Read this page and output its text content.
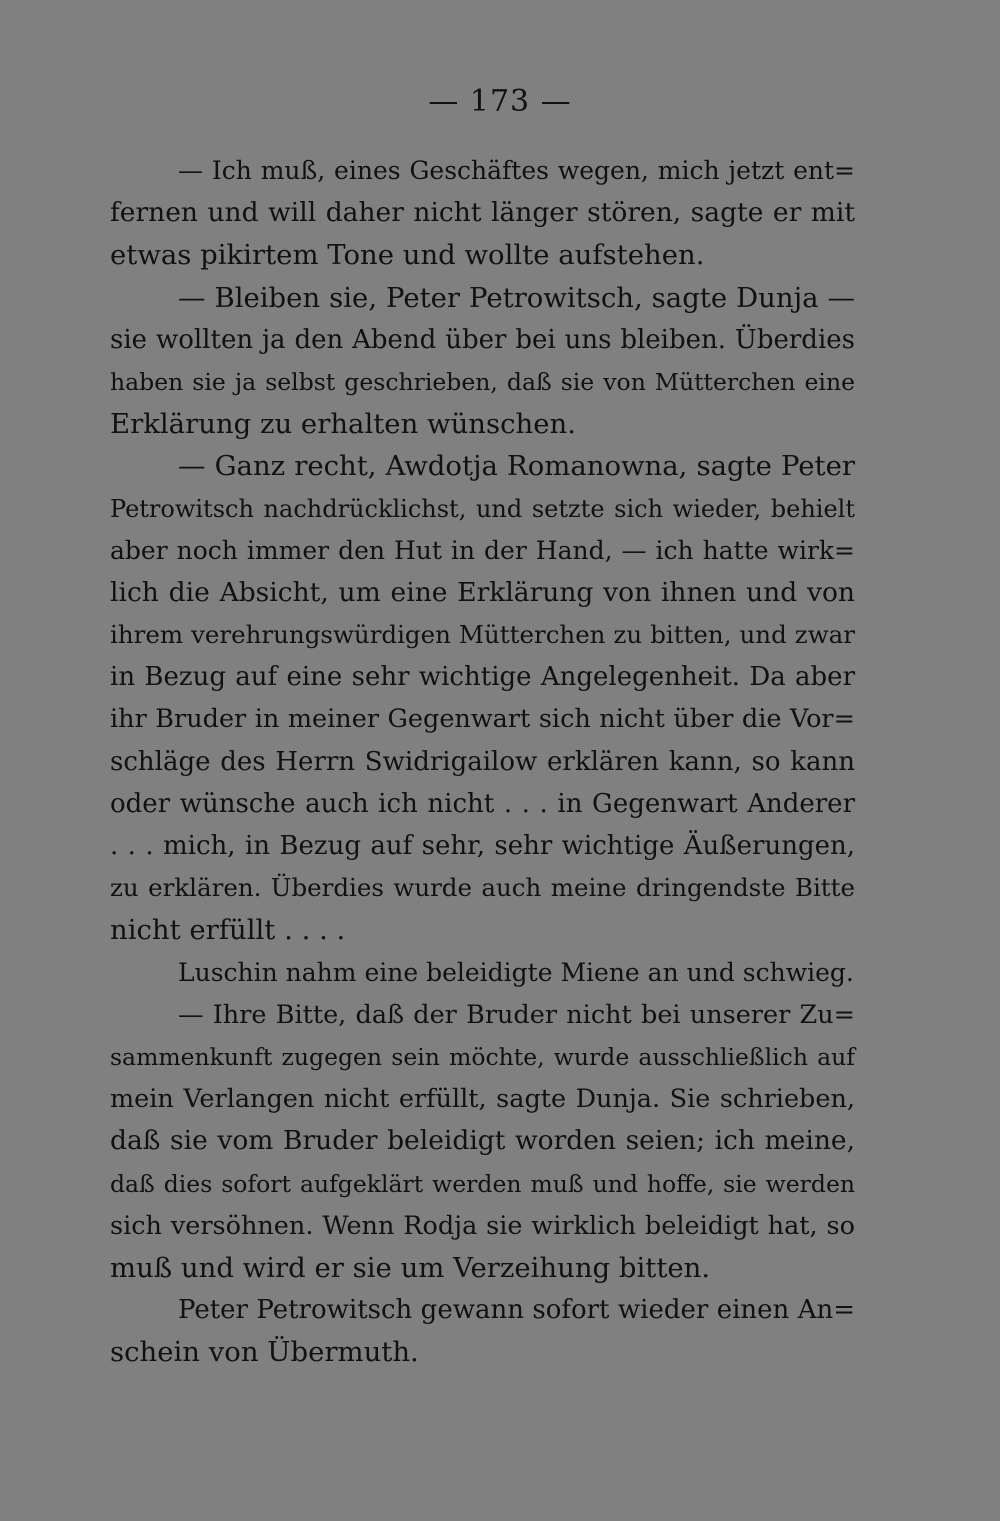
— 173 —
— Ich muß, eines Geschäftes wegen, mich jetzt ent=
fernen und will daher nicht länger stören, sagte er mit
etwas pikirtem Tone und wollte aufstehen.
— Bleiben sie, Peter Petrowitsch, sagte Dunja —
sie wollten ja den Abend über bei uns bleiben. Überdies
haben sie ja selbst geschrieben, daß sie von Mütterchen eine
Erklärung zu erhalten wünschen.
— Ganz recht, Awdotja Romanowna, sagte Peter
Petrowitsch nachdrücklichst, und setzte sich wieder, behielt
aber noch immer den Hut in der Hand, — ich hatte wirk=
lich die Absicht, um eine Erklärung von ihnen und von
ihrem verehrungswürdigen Mütterchen zu bitten, und zwar
in Bezug auf eine sehr wichtige Angelegenheit. Da aber
ihr Bruder in meiner Gegenwart sich nicht über die Vor=
schläge des Herrn Swidrigailow erklären kann, so kann
oder wünsche auch ich nicht . . . in Gegenwart Anderer
. . . mich, in Bezug auf sehr, sehr wichtige Äußerungen,
zu erklären. Überdies wurde auch meine dringendste Bitte
nicht erfüllt . . . .
Luschin nahm eine beleidigte Miene an und schwieg.
— Ihre Bitte, daß der Bruder nicht bei unserer Zu=
sammenkunft zugegen sein möchte, wurde ausschließlich auf
mein Verlangen nicht erfüllt, sagte Dunja. Sie schrieben,
daß sie vom Bruder beleidigt worden seien; ich meine,
daß dies sofort aufgeklärt werden muß und hoffe, sie werden
sich versöhnen. Wenn Rodja sie wirklich beleidigt hat, so
muß und wird er sie um Verzeihung bitten.
Peter Petrowitsch gewann sofort wieder einen An=
schein von Übermuth.
